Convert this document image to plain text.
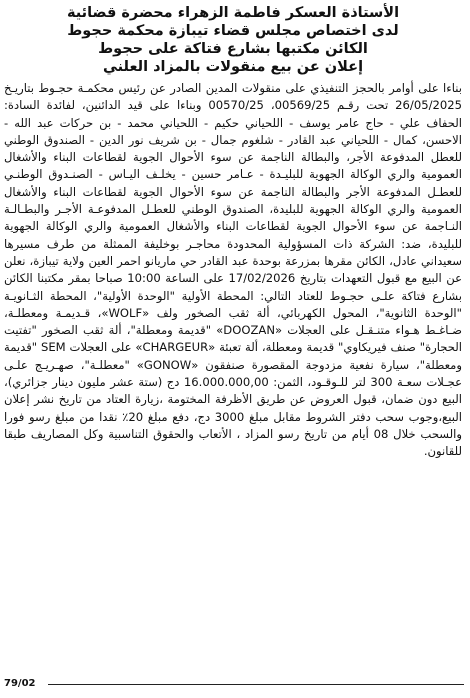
الأستاذة العسكر فاطمة الزهراء محضرة قضائية

لدى اختصاص مجلس قضاء تيبازة محكمة حجوط

الكائن مكتبها بشارع فتاكة على حجوط

إعلان عن بيع منقولات بالمزاد العلني

بناءا على أوامر بالحجز التنفيذي على منقولات المدين الصادر عن رئيس محكمـة حجـوط بتاريـخ 26/05/2025 تحت رقـم 00569/25، 00570/25 وبناءا على قيد الدائنين، لفائدة السادة: الحفاف علي - حاج عامر يوسف - اللحياني حكيم - اللحياني محمد - بن حركات عبد الله - الاحسن، كمال - اللحياني عبد القادر - شلغوم جمال - بن شريف نور الدين - الصندوق الوطني للعطل المدفوعة الأجر، والبطالة الناجمة عن سوء الأحوال الجوية لقطاعات البناء والأشغال العمومية والري الوكالة الجهوية للبليـدة - عـامر حسين - يخلـف اليـاس - الصنـدوق الوطنـي للعطـل المدفوعة الأجر والبطالة الناجمة عن سوء الأحوال الجوية لقطاعات البناء والأشغال العمومية والري الوكالة الجهوية للبليدة، الصندوق الوطني للعطـل المدفوعـة الأجـر والبطـالـة النـاجمة عن سوء الأحوال الجوية لقطاعات البناء والأشغال العمومية والري الوكالة الجهوية للبليدة، ضد: الشركة ذات المسؤولية المحدودة محاجـر بوخليفة الممثلة من طرف مسيرها سعيداني عادل، الكائن مقرها بمزرعة بوحدة عبد القادر حي ماريانو احمر العين ولاية تيبازة، نعلن عن البيع مع قبول التعهدات بتاريخ 17/02/2026 على الساعة 10:00 صباحا بمقر مكتبنا الكائن بشارع فتاكة علـى حجـوط للعتاد التالي: المحطة الأولية "الوحدة الأولية"، المحطة الثـانويـة "الوحدة الثانوية"، المحول الكهربائي، ألة ثقب الصخور ولف «WOLF»، قـديمـة ومعطلـة، ضـاغـط هـواء متنـقـل على العجلات «DOOZAN» "قديمة ومعطلة"، ألة ثقب الصخور "تفتيت الحجارة" صنف فيريكاوي" قديمة ومعطلة، ألة تعبئة «CHARGEUR» على العجلات SEM "قديمة ومعطلة"، سيارة نفعية مزدوجة المقصورة صنفقون «GONOW» "معطلـة"، صهـريـج علـى عجـلات سعـة 300 لتر للـوقـود، الثمن: 16.000.000,00 دج (ستة عشر مليون دينار جزائري)، البيع دون ضمان، قبول العروض عن طريق الأظرفة المختومة ،زيارة العتاد من تاريخ نشر إعلان البيع،وجوب سحب دفتر الشروط مقابل مبلغ 3000 دج، دفع مبلغ 20٪ نقدا من مبلغ رسو فورا والسحب خلال 08 أيام من تاريخ رسو المزاد ، الأتعاب والحقوق التناسبية وكل المصاريف طبقا للقانون.

79/02
